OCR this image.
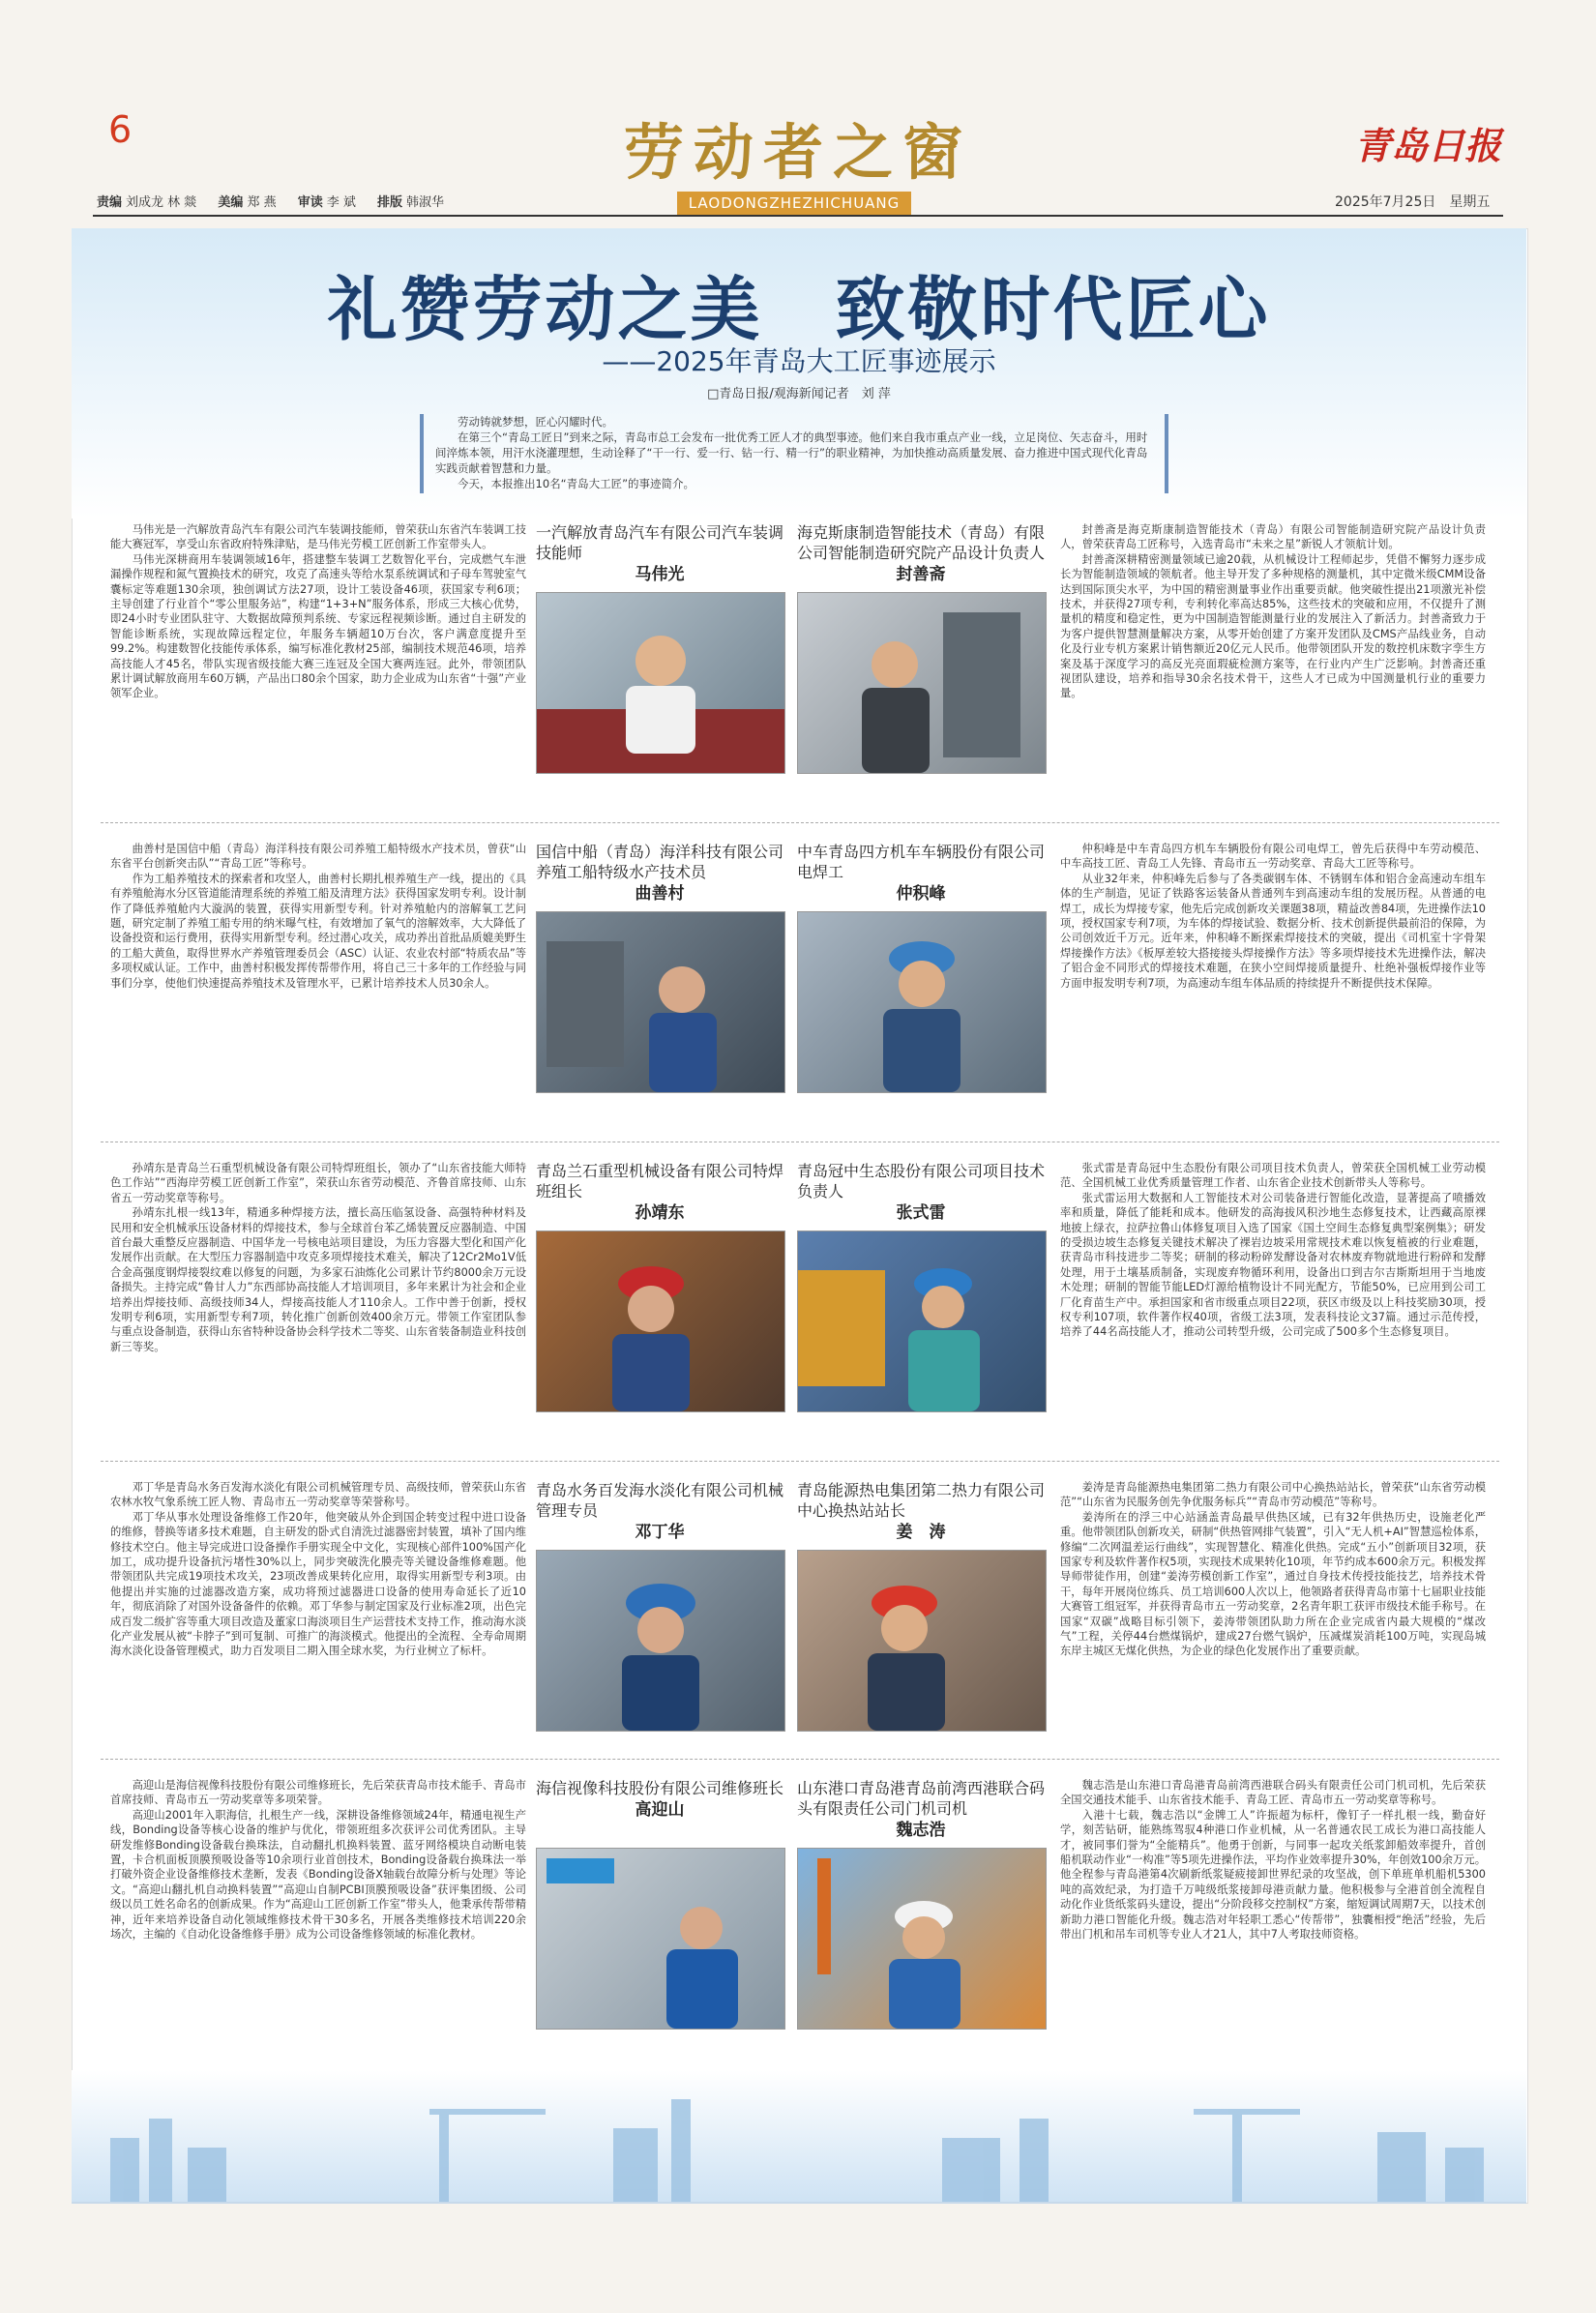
6	劳动者之窗
LAODONGZHEZHICHUANG
青岛日报
责编 刘成龙 林 燚 美编 郑 燕 审读 李 斌 排版 韩淑华	2025年7月25日　星期五
礼赞劳动之美　致敬时代匠心
——2025年青岛大工匠事迹展示
□青岛日报/观海新闻记者　刘 萍

劳动铸就梦想，匠心闪耀时代。

在第三个“青岛工匠日”到来之际，青岛市总工会发布一批优秀工匠人才的典型事迹。他们来自我市重点产业一线，立足岗位、矢志奋斗，用时间淬炼本领，用汗水浇灌理想，生动诠释了“干一行、爱一行、钻一行、精一行”的职业精神，为加快推动高质量发展、奋力推进中国式现代化青岛实践贡献着智慧和力量。

今天，本报推出10名“青岛大工匠”的事迹简介。

马伟光是一汽解放青岛汽车有限公司汽车装调技能师，曾荣获山东省汽车装调工技能大赛冠军，享受山东省政府特殊津贴，是马伟光劳模工匠创新工作室带头人。

马伟光深耕商用车装调领域16年，搭建整车装调工艺数智化平台，完成燃气车泄漏操作规程和氮气置换技术的研究，攻克了高速头等给水泵系统调试和子母车驾驶室气囊标定等难题130余项，独创调试方法27项，设计工装设备46项，获国家专利6项；主导创建了行业首个“零公里服务站”，构建“1+3+N”服务体系，形成三大核心优势，即24小时专业团队驻守、大数据故障预判系统、专家远程视频诊断。通过自主研发的智能诊断系统，实现故障远程定位，年服务车辆超10万台次，客户满意度提升至99.2%。构建数智化技能传承体系，编写标准化教材25部，编制技术规范46项，培养高技能人才45名，带队实现省级技能大赛三连冠及全国大赛两连冠。此外，带领团队累计调试解放商用车60万辆，产品出口80余个国家，助力企业成为山东省“十强”产业领军企业。

一汽解放青岛汽车有限公司汽车装调技能师
马伟光
海克斯康制造智能技术（青岛）有限公司智能制造研究院产品设计负责人
封善斋

封善斋是海克斯康制造智能技术（青岛）有限公司智能制造研究院产品设计负责人，曾荣获青岛工匠称号，入选青岛市“未来之星”新锐人才领航计划。

封善斋深耕精密测量领域已逾20载，从机械设计工程师起步，凭借不懈努力逐步成长为智能制造领域的领航者。他主导开发了多种规格的测量机，其中定微米级CMM设备达到国际顶尖水平，为中国的精密测量事业作出重要贡献。他突破性提出21项激光补偿技术，并获得27项专利，专利转化率高达85%，这些技术的突破和应用，不仅提升了测量机的精度和稳定性，更为中国制造智能测量行业的发展注入了新活力。封善斋致力于为客户提供智慧测量解决方案，从零开始创建了方案开发团队及CMS产品线业务，自动化及行业专机方案累计销售额近20亿元人民币。他带领团队开发的数控机床数字孪生方案及基于深度学习的高反光亮面瑕疵检测方案等，在行业内产生广泛影响。封善斋还重视团队建设，培养和指导30余名技术骨干，这些人才已成为中国测量机行业的重要力量。

曲善村是国信中船（青岛）海洋科技有限公司养殖工船特级水产技术员，曾获“山东省平台创新突击队”“青岛工匠”等称号。

作为工船养殖技术的探索者和攻坚人，曲善村长期扎根养殖生产一线，提出的《具有养殖舱海水分区管道能清理系统的养殖工船及清理方法》获得国家发明专利。设计制作了降低养殖舱内大漩涡的装置，获得实用新型专利。针对养殖舱内的溶解氧工艺问题，研究定制了养殖工船专用的纳米曝气柱，有效增加了氧气的溶解效率，大大降低了设备投资和运行费用，获得实用新型专利。经过潜心攻关，成功养出首批品质媲美野生的工船大黄鱼，取得世界水产养殖管理委员会（ASC）认证、农业农村部“特质农品”等多项权威认证。工作中，曲善村积极发挥传帮带作用，将自己三十多年的工作经验与同事们分享，使他们快速提高养殖技术及管理水平，已累计培养技术人员30余人。

国信中船（青岛）海洋科技有限公司养殖工船特级水产技术员
曲善村
中车青岛四方机车车辆股份有限公司电焊工
仲积峰

仲积峰是中车青岛四方机车车辆股份有限公司电焊工，曾先后获得中车劳动模范、中车高技工匠、青岛工人先锋、青岛市五一劳动奖章、青岛大工匠等称号。

从业32年来，仲积峰先后参与了各类碳钢车体、不锈钢车体和铝合金高速动车组车体的生产制造，见证了铁路客运装备从普通列车到高速动车组的发展历程。从普通的电焊工，成长为焊接专家，他先后完成创新攻关课题38项，精益改善84项，先进操作法10项，授权国家专利7项，为车体的焊接试验、数据分析、技术创新提供最前沿的保障，为公司创效近千万元。近年来，仲积峰不断探索焊接技术的突破，提出《司机室十字骨架焊接操作方法》《板厚差较大搭接接头焊接操作方法》等多项焊接技术先进操作法，解决了铝合金不同形式的焊接技术难题，在狭小空间焊接质量提升、杜绝补强板焊接作业等方面申报发明专利7项，为高速动车组车体品质的持续提升不断提供技术保障。

孙靖东是青岛兰石重型机械设备有限公司特焊班组长，领办了“山东省技能大师特色工作站”“西海岸劳模工匠创新工作室”，荣获山东省劳动模范、齐鲁首席技师、山东省五一劳动奖章等称号。

孙靖东扎根一线13年，精通多种焊接方法，擅长高压临氢设备、高强特种材料及民用和安全机械承压设备材料的焊接技术，参与全球首台苯乙烯装置反应器制造、中国首台最大重整反应器制造、中国华龙一号核电站项目建设，为压力容器大型化和国产化发展作出贡献。在大型压力容器制造中攻克多项焊接技术难关，解决了12Cr2Mo1V低合金高强度钢焊接裂纹难以修复的问题，为多家石油炼化公司累计节约8000余万元设备损失。主持完成“鲁甘人力”东西部协高技能人才培训项目，多年来累计为社会和企业培养出焊接技师、高级技师34人，焊接高技能人才110余人。工作中善于创新，授权发明专利6项，实用新型专利7项，转化推广创新创效400余万元。带领工作室团队参与重点设备制造，获得山东省特种设备协会科学技术二等奖、山东省装备制造业科技创新三等奖。

青岛兰石重型机械设备有限公司特焊班组长
孙靖东
青岛冠中生态股份有限公司项目技术负责人
张式雷

张式雷是青岛冠中生态股份有限公司项目技术负责人，曾荣获全国机械工业劳动模范、全国机械工业优秀质量管理工作者、山东省企业技术创新带头人等称号。

张式雷运用大数据和人工智能技术对公司装备进行智能化改造，显著提高了喷播效率和质量，降低了能耗和成本。他研发的高海拔风积沙地生态修复技术，让西藏高原裸地披上绿衣，拉萨拉鲁山体修复项目入选了国家《国土空间生态修复典型案例集》；研发的受损边坡生态修复关键技术解决了裸岩边坡采用常规技术难以恢复植被的行业难题，获青岛市科技进步二等奖；研制的移动粉碎发酵设备对农林废弃物就地进行粉碎和发酵处理，用于土壤基质制备，实现废弃物循环利用，设备出口到吉尔吉斯斯坦用于当地废木处理；研制的智能节能LED灯源给植物设计不同光配方，节能50%，已应用到公司工厂化育苗生产中。承担国家和省市级重点项目22项，获区市级及以上科技奖励30项，授权专利107项，软件著作权40项，省级工法3项，发表科技论文37篇。通过示范传授，培养了44名高技能人才，推动公司转型升级，公司完成了500多个生态修复项目。

邓丁华是青岛水务百发海水淡化有限公司机械管理专员、高级技师，曾荣获山东省农林水牧气象系统工匠人物、青岛市五一劳动奖章等荣誉称号。

邓丁华从事水处理设备维修工作20年，他突破从外企到国企转变过程中进口设备的维修，替换等诸多技术难题，自主研发的卧式自清洗过滤器密封装置，填补了国内维修技术空白。他主导完成进口设备操作手册实现全中文化，实现核心部件100%国产化加工，成功提升设备抗污堵性30%以上，同步突破洗化膜壳等关键设备维修难题。他带领团队共完成19项技术攻关，23项改善成果转化应用，取得实用新型专利3项。由他提出并实施的过滤器改造方案，成功将预过滤器进口设备的使用寿命延长了近10年，彻底消除了对国外设备备件的依赖。邓丁华参与制定国家及行业标准2项，出色完成百发二级扩容等重大项目改造及董家口海淡项目生产运营技术支持工作，推动海水淡化产业发展从被“卡脖子”到可复制、可推广的海淡模式。他提出的全流程、全寿命周期海水淡化设备管理模式，助力百发项目二期入围全球水奖，为行业树立了标杆。

青岛水务百发海水淡化有限公司机械管理专员
邓丁华
青岛能源热电集团第二热力有限公司中心换热站站长
姜　涛

姜涛是青岛能源热电集团第二热力有限公司中心换热站站长，曾荣获“山东省劳动模范”“山东省为民服务创先争优服务标兵”“青岛市劳动模范”等称号。

姜涛所在的浮三中心站涵盖青岛最早供热区域，已有32年供热历史，设施老化严重。他带领团队创新攻关，研制“供热管网排气装置”，引入“无人机+AI”智慧巡检体系，修编“二次网温差运行曲线”，实现智慧化、精准化供热。完成“五小”创新项目32项，获国家专利及软件著作权5项，实现技术成果转化10项，年节约成本600余万元。积极发挥导师带徒作用，创建“姜涛劳模创新工作室”，通过自身技术传授技能技艺，培养技术骨干，每年开展岗位练兵、员工培训600人次以上，他领路者获得青岛市第十七届职业技能大赛管工组冠军，并获得青岛市五一劳动奖章，2名青年职工获评市级技术能手称号。在国家“双碳”战略目标引领下，姜涛带领团队助力所在企业完成省内最大规模的“煤改气”工程，关停44台燃煤锅炉，建成27台燃气锅炉，压减煤炭消耗100万吨，实现岛城东岸主城区无煤化供热，为企业的绿色化发展作出了重要贡献。

高迎山是海信视像科技股份有限公司维修班长，先后荣获青岛市技术能手、青岛市首席技师、青岛市五一劳动奖章等多项荣誉。

高迎山2001年入职海信，扎根生产一线，深耕设备维修领域24年，精通电视生产线，Bonding设备等核心设备的维护与优化，带领班组多次获评公司优秀团队。主导研发维修Bonding设备载台换珠法，自动翻扎机换料装置、蓝牙网络模块自动断电装置，卡合机面板顶膜预吸设备等10余项行业首创技术，Bonding设备载台换珠法一举打破外资企业设备维修技术垄断，发表《Bonding设备X轴载台故障分析与处理》等论文。“高迎山翻扎机自动换料装置”“高迎山自制PCBI顶膜预吸设备”获评集团级、公司级以员工姓名命名的创新成果。作为“高迎山工匠创新工作室”带头人，他秉承传帮带精神，近年来培养设备自动化领域维修技术骨干30多名，开展各类维修技术培训220余场次，主编的《自动化设备维修手册》成为公司设备维修领域的标准化教材。

海信视像科技股份有限公司维修班长
高迎山
山东港口青岛港青岛前湾西港联合码头有限责任公司门机司机
魏志浩

魏志浩是山东港口青岛港青岛前湾西港联合码头有限责任公司门机司机，先后荣获全国交通技术能手、山东省技术能手、青岛工匠、青岛市五一劳动奖章等称号。

入港十七载，魏志浩以“金牌工人”许振超为标杆，像钉子一样扎根一线，勤奋好学，刻苦钻研，能熟练驾驭4种港口作业机械，从一名普通农民工成长为港口高技能人才，被同事们誉为“全能精兵”。他勇于创新，与同事一起攻关纸浆卸船效率提升，首创船机联动作业“一构准”等5项先进操作法，平均作业效率提升30%，年创效100余万元。他全程参与青岛港第4次刷新纸浆疑疲接卸世界纪录的攻坚战，创下单班单机船机5300吨的高效纪录，为打造千万吨级纸浆接卸母港贡献力量。他积极参与全港首创全流程自动化作业货纸浆码头建设，提出“分阶段移交控制权”方案，缩短调试周期7天，以技术创新助力港口智能化升级。魏志浩对年轻职工悉心“传帮带”，独囊相授“绝活”经验，先后带出门机和吊车司机等专业人才21人，其中7人考取技师资格。
